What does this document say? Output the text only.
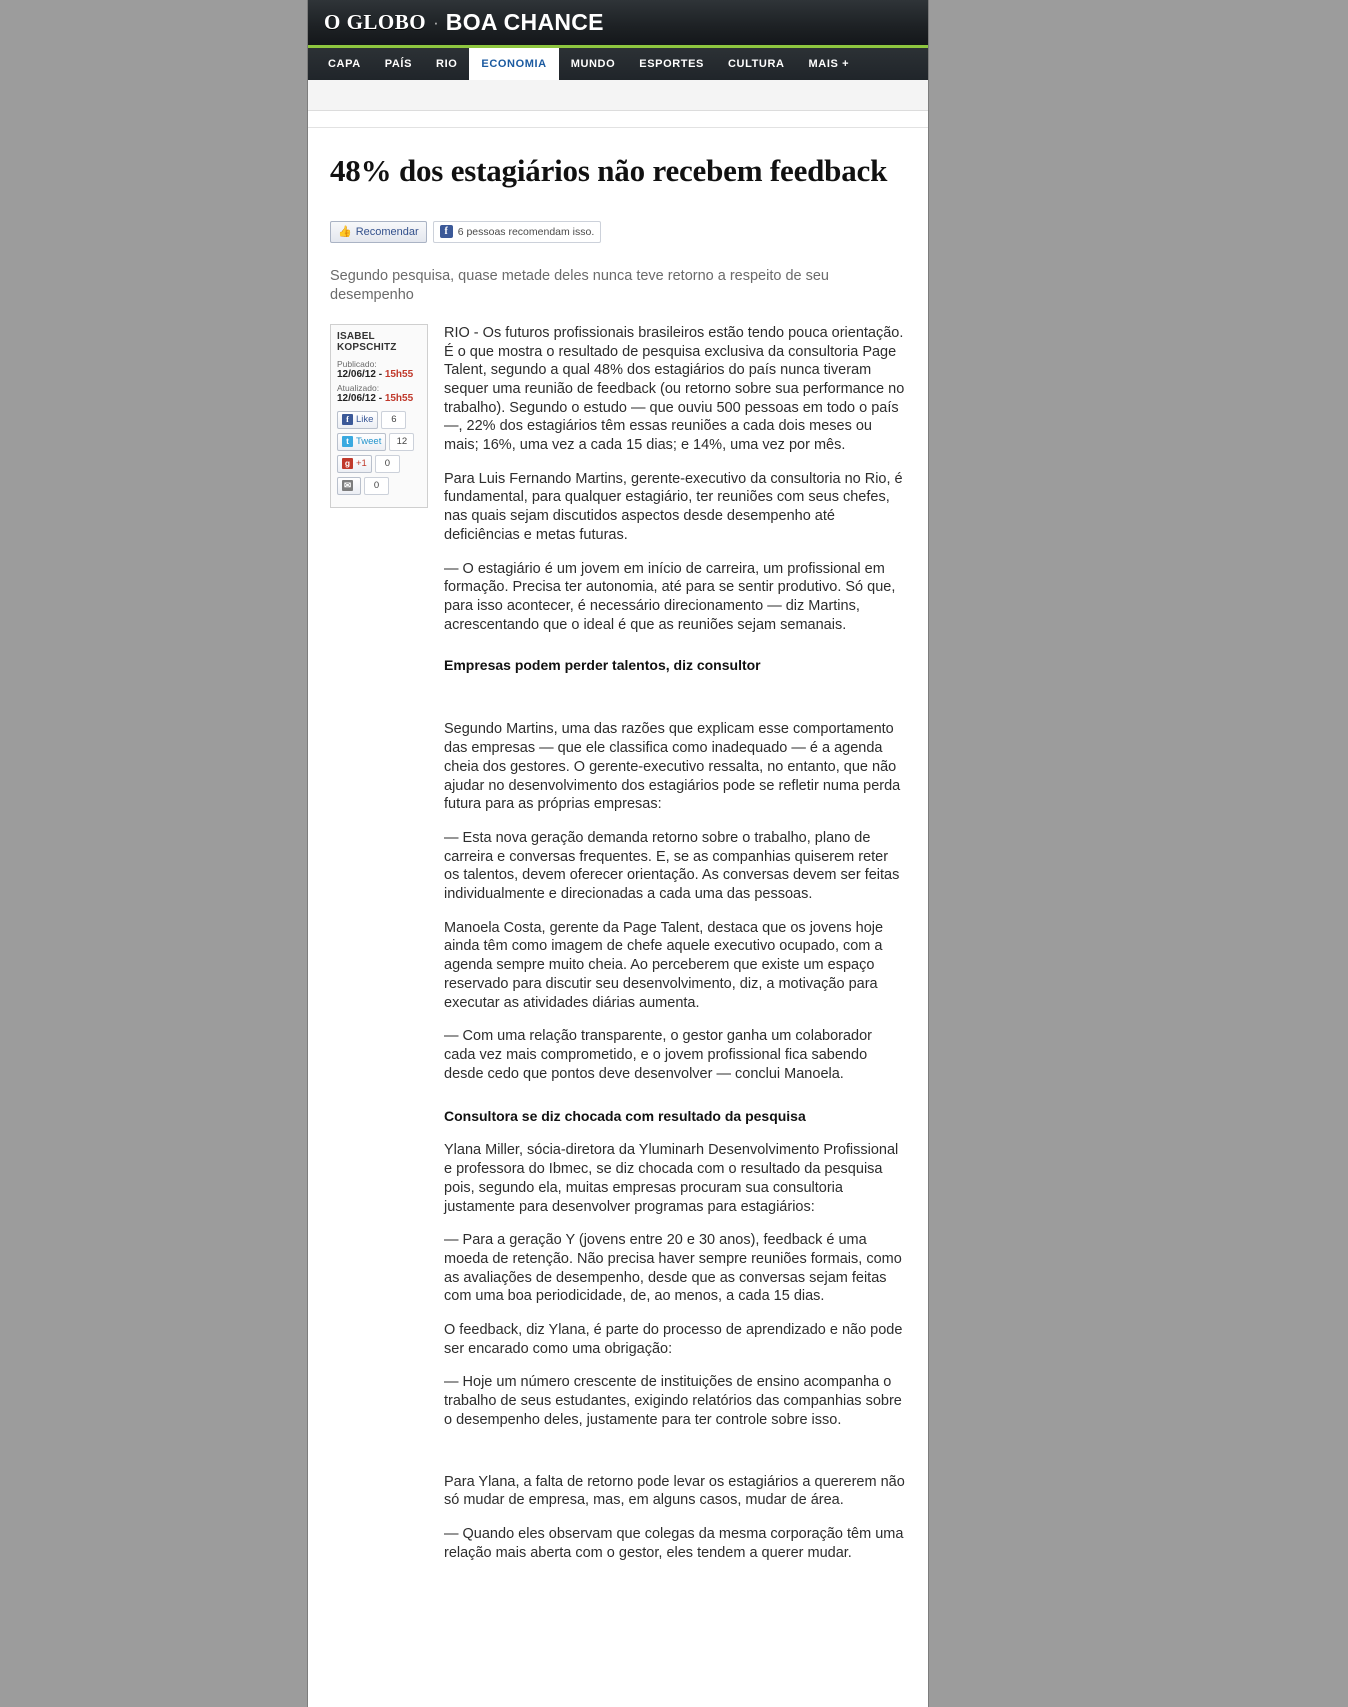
O GLOBO · BOA CHANCE
CAPA	PAÍS	RIO	ECONOMIA	MUNDO	ESPORTES	CULTURA	MAIS +
48% dos estagiários não recebem feedback
👍 Recomendar	f 6 pessoas recomendam isso.
Segundo pesquisa, quase metade deles nunca teve retorno a respeito de seu desempenho
ISABEL KOPSCHITZ
Publicado:
12/06/12 - 15h55
Atualizado:
12/06/12 - 15h55
f Like	6
t Tweet	12
g +1	0
✉	0

RIO - Os futuros profissionais brasileiros estão tendo pouca orientação. É o que mostra o resultado de pesquisa exclusiva da consultoria Page Talent, segundo a qual 48% dos estagiários do país nunca tiveram sequer uma reunião de feedback (ou retorno sobre sua performance no trabalho). Segundo o estudo — que ouviu 500 pessoas em todo o país —, 22% dos estagiários têm essas reuniões a cada dois meses ou mais; 16%, uma vez a cada 15 dias; e 14%, uma vez por mês.

Para Luis Fernando Martins, gerente-executivo da consultoria no Rio, é fundamental, para qualquer estagiário, ter reuniões com seus chefes, nas quais sejam discutidos aspectos desde desempenho até deficiências e metas futuras.

— O estagiário é um jovem em início de carreira, um profissional em formação. Precisa ter autonomia, até para se sentir produtivo. Só que, para isso acontecer, é necessário direcionamento — diz Martins, acrescentando que o ideal é que as reuniões sejam semanais.

Empresas podem perder talentos, diz consultor

Segundo Martins, uma das razões que explicam esse comportamento das empresas — que ele classifica como inadequado — é a agenda cheia dos gestores. O gerente-executivo ressalta, no entanto, que não ajudar no desenvolvimento dos estagiários pode se refletir numa perda futura para as próprias empresas:

— Esta nova geração demanda retorno sobre o trabalho, plano de carreira e conversas frequentes. E, se as companhias quiserem reter os talentos, devem oferecer orientação. As conversas devem ser feitas individualmente e direcionadas a cada uma das pessoas.

Manoela Costa, gerente da Page Talent, destaca que os jovens hoje ainda têm como imagem de chefe aquele executivo ocupado, com a agenda sempre muito cheia. Ao perceberem que existe um espaço reservado para discutir seu desenvolvimento, diz, a motivação para executar as atividades diárias aumenta.

— Com uma relação transparente, o gestor ganha um colaborador cada vez mais comprometido, e o jovem profissional fica sabendo desde cedo que pontos deve desenvolver — conclui Manoela.

Consultora se diz chocada com resultado da pesquisa

Ylana Miller, sócia-diretora da Yluminarh Desenvolvimento Profissional e professora do Ibmec, se diz chocada com o resultado da pesquisa pois, segundo ela, muitas empresas procuram sua consultoria justamente para desenvolver programas para estagiários:

— Para a geração Y (jovens entre 20 e 30 anos), feedback é uma moeda de retenção. Não precisa haver sempre reuniões formais, como as avaliações de desempenho, desde que as conversas sejam feitas com uma boa periodicidade, de, ao menos, a cada 15 dias.

O feedback, diz Ylana, é parte do processo de aprendizado e não pode ser encarado como uma obrigação:

— Hoje um número crescente de instituições de ensino acompanha o trabalho de seus estudantes, exigindo relatórios das companhias sobre o desempenho deles, justamente para ter controle sobre isso.

Para Ylana, a falta de retorno pode levar os estagiários a quererem não só mudar de empresa, mas, em alguns casos, mudar de área.

— Quando eles observam que colegas da mesma corporação têm uma relação mais aberta com o gestor, eles tendem a querer mudar.
